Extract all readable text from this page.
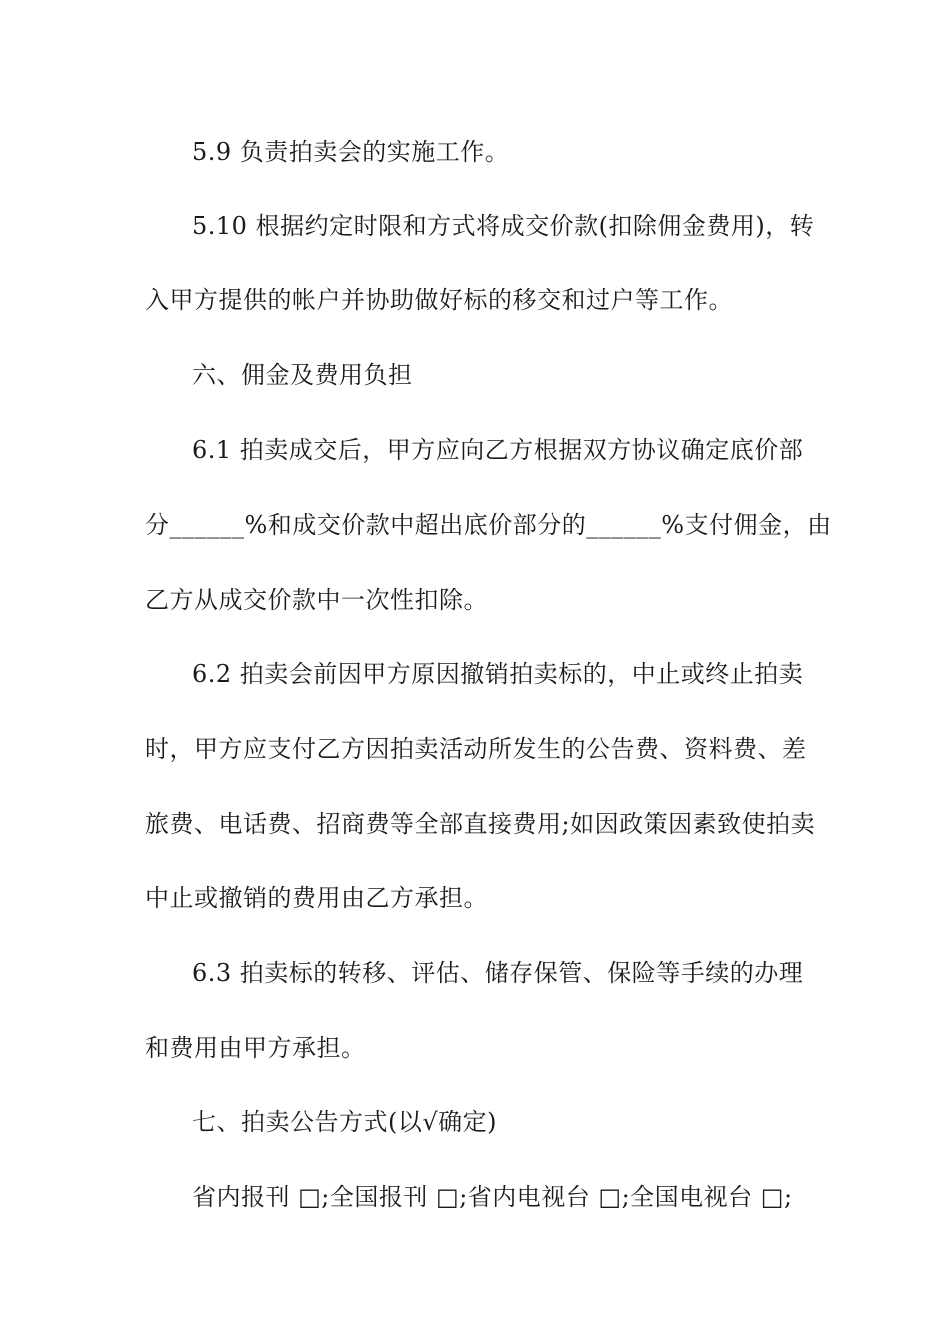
5.9 负责拍卖会的实施工作。
5.10 根据约定时限和方式将成交价款(扣除佣金费用)，转
入甲方提供的帐户并协助做好标的移交和过户等工作。
六、佣金及费用负担
6.1 拍卖成交后，甲方应向乙方根据双方协议确定底价部
分______%和成交价款中超出底价部分的______%支付佣金，由
乙方从成交价款中一次性扣除。
6.2 拍卖会前因甲方原因撤销拍卖标的，中止或终止拍卖
时，甲方应支付乙方因拍卖活动所发生的公告费、资料费、差
旅费、电话费、招商费等全部直接费用;如因政策因素致使拍卖
中止或撤销的费用由乙方承担。
6.3 拍卖标的转移、评估、储存保管、保险等手续的办理
和费用由甲方承担。
七、拍卖公告方式(以√确定)
省内报刊 □;全国报刊 □;省内电视台 □;全国电视台 □;
